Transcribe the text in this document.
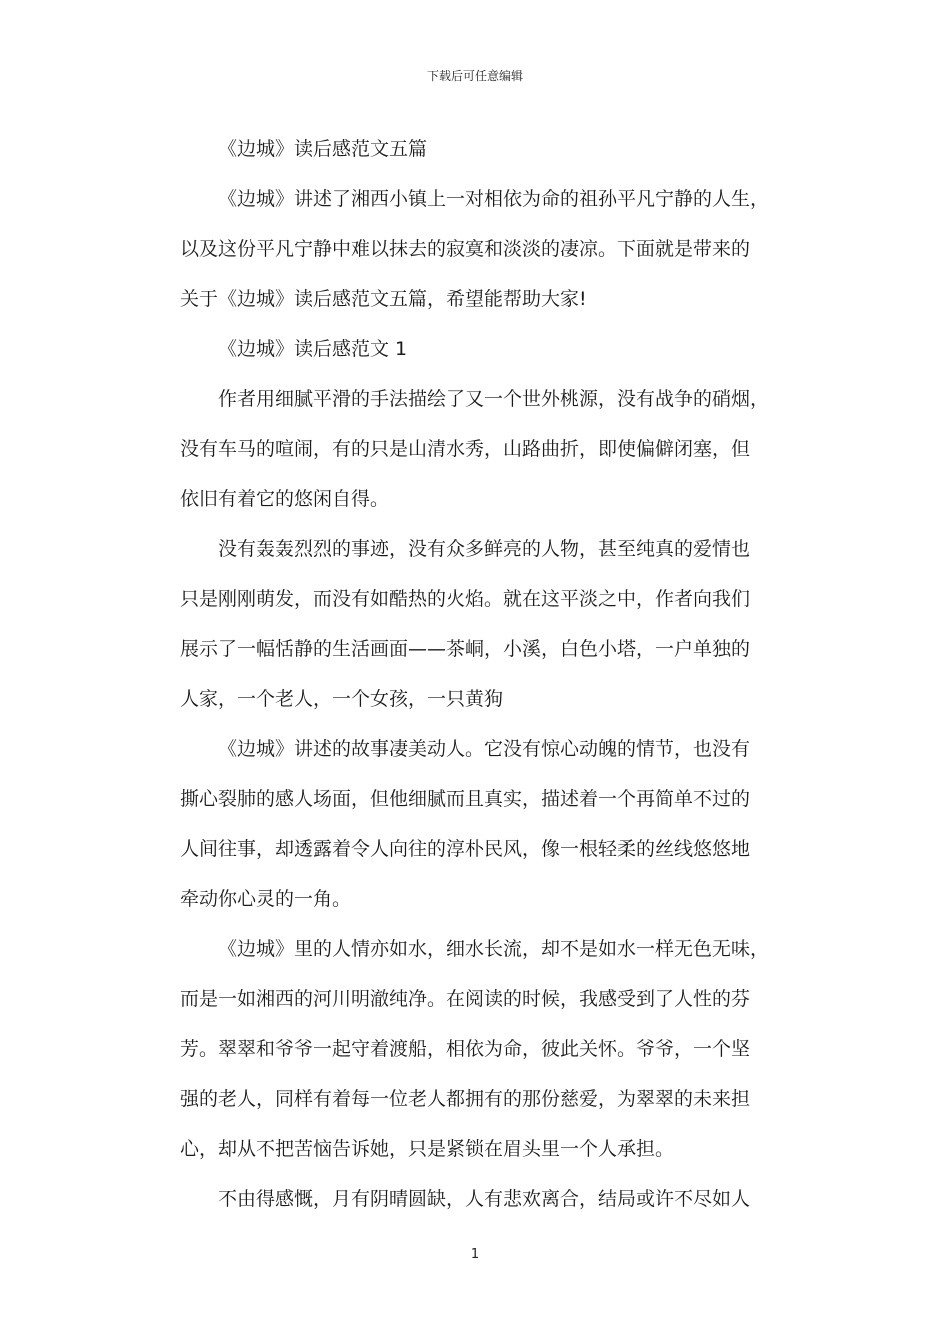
下载后可任意编辑
《边城》读后感范文五篇
《边城》讲述了湘西小镇上一对相依为命的祖孙平凡宁静的人生，
以及这份平凡宁静中难以抹去的寂寞和淡淡的凄凉。下面就是带来的
关于《边城》读后感范文五篇，希望能帮助大家!
《边城》读后感范文 1
作者用细腻平滑的手法描绘了又一个世外桃源，没有战争的硝烟，
没有车马的喧闹，有的只是山清水秀，山路曲折，即使偏僻闭塞，但
依旧有着它的悠闲自得。
没有轰轰烈烈的事迹，没有众多鲜亮的人物，甚至纯真的爱情也
只是刚刚萌发，而没有如酷热的火焰。就在这平淡之中，作者向我们
展示了一幅恬静的生活画面——茶峒，小溪，白色小塔，一户单独的
人家，一个老人，一个女孩，一只黄狗
《边城》讲述的故事凄美动人。它没有惊心动魄的情节，也没有
撕心裂肺的感人场面，但他细腻而且真实，描述着一个再简单不过的
人间往事，却透露着令人向往的淳朴民风，像一根轻柔的丝线悠悠地
牵动你心灵的一角。
《边城》里的人情亦如水，细水长流，却不是如水一样无色无味，
而是一如湘西的河川明澈纯净。在阅读的时候，我感受到了人性的芬
芳。翠翠和爷爷一起守着渡船，相依为命，彼此关怀。爷爷，一个坚
强的老人，同样有着每一位老人都拥有的那份慈爱，为翠翠的未来担
心，却从不把苦恼告诉她，只是紧锁在眉头里一个人承担。
不由得感慨，月有阴晴圆缺，人有悲欢离合，结局或许不尽如人
1
